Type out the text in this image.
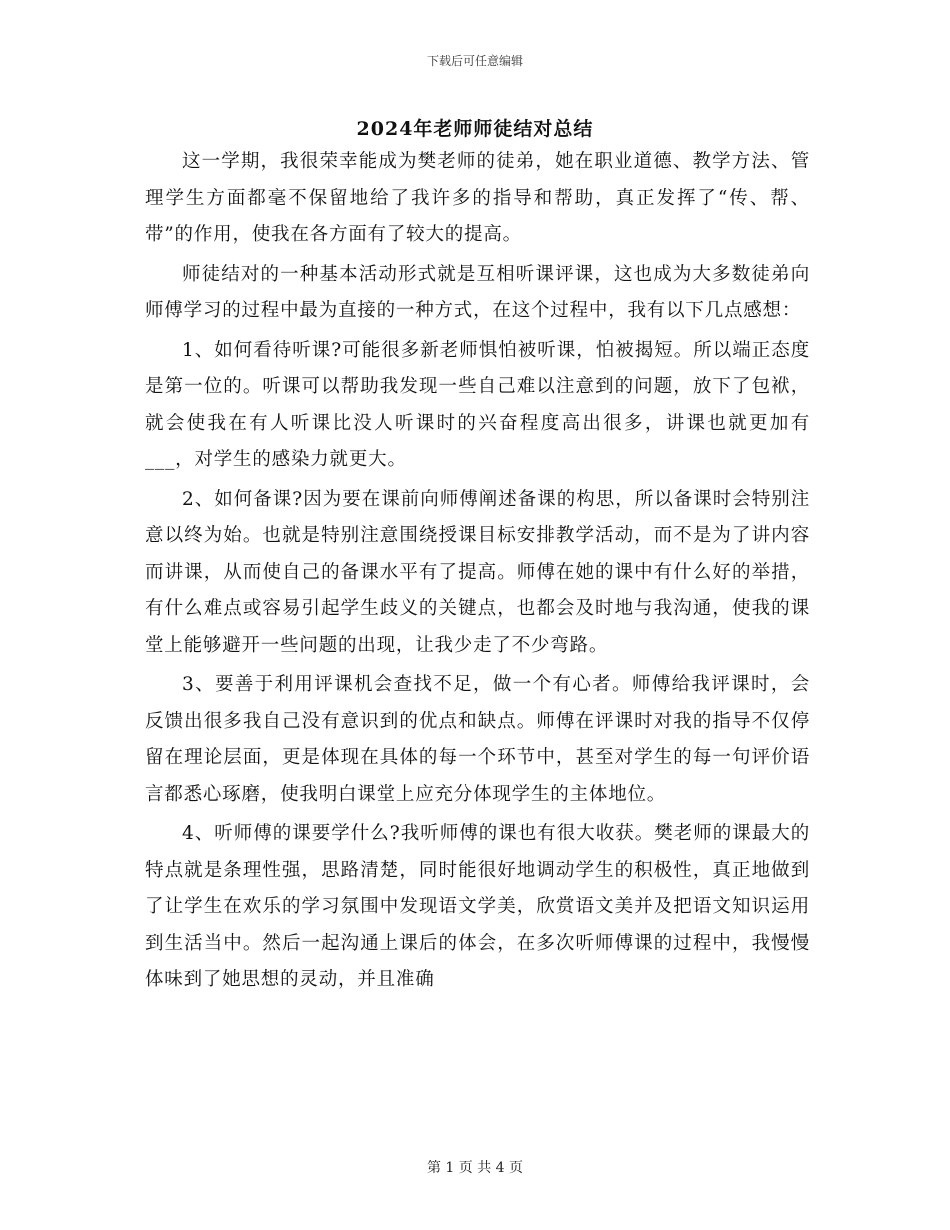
下载后可任意编辑
2024年老师师徒结对总结

这一学期，我很荣幸能成为樊老师的徒弟，她在职业道德、教学方法、管理学生方面都毫不保留地给了我许多的指导和帮助，真正发挥了“传、帮、带”的作用，使我在各方面有了较大的提高。

师徒结对的一种基本活动形式就是互相听课评课，这也成为大多数徒弟向师傅学习的过程中最为直接的一种方式，在这个过程中，我有以下几点感想：

1、如何看待听课?可能很多新老师惧怕被听课，怕被揭短。所以端正态度是第一位的。听课可以帮助我发现一些自己难以注意到的问题，放下了包袱，就会使我在有人听课比没人听课时的兴奋程度高出很多，讲课也就更加有___，对学生的感染力就更大。

2、如何备课?因为要在课前向师傅阐述备课的构思，所以备课时会特别注意以终为始。也就是特别注意围绕授课目标安排教学活动，而不是为了讲内容而讲课，从而使自己的备课水平有了提高。师傅在她的课中有什么好的举措，有什么难点或容易引起学生歧义的关键点，也都会及时地与我沟通，使我的课堂上能够避开一些问题的出现，让我少走了不少弯路。

3、要善于利用评课机会查找不足，做一个有心者。师傅给我评课时，会反馈出很多我自己没有意识到的优点和缺点。师傅在评课时对我的指导不仅停留在理论层面，更是体现在具体的每一个环节中，甚至对学生的每一句评价语言都悉心琢磨，使我明白课堂上应充分体现学生的主体地位。

4、听师傅的课要学什么?我听师傅的课也有很大收获。樊老师的课最大的特点就是条理性强，思路清楚，同时能很好地调动学生的积极性，真正地做到了让学生在欢乐的学习氛围中发现语文学美，欣赏语文美并及把语文知识运用到生活当中。然后一起沟通上课后的体会，在多次听师傅课的过程中，我慢慢体味到了她思想的灵动，并且准确

第 1 页 共 4 页
